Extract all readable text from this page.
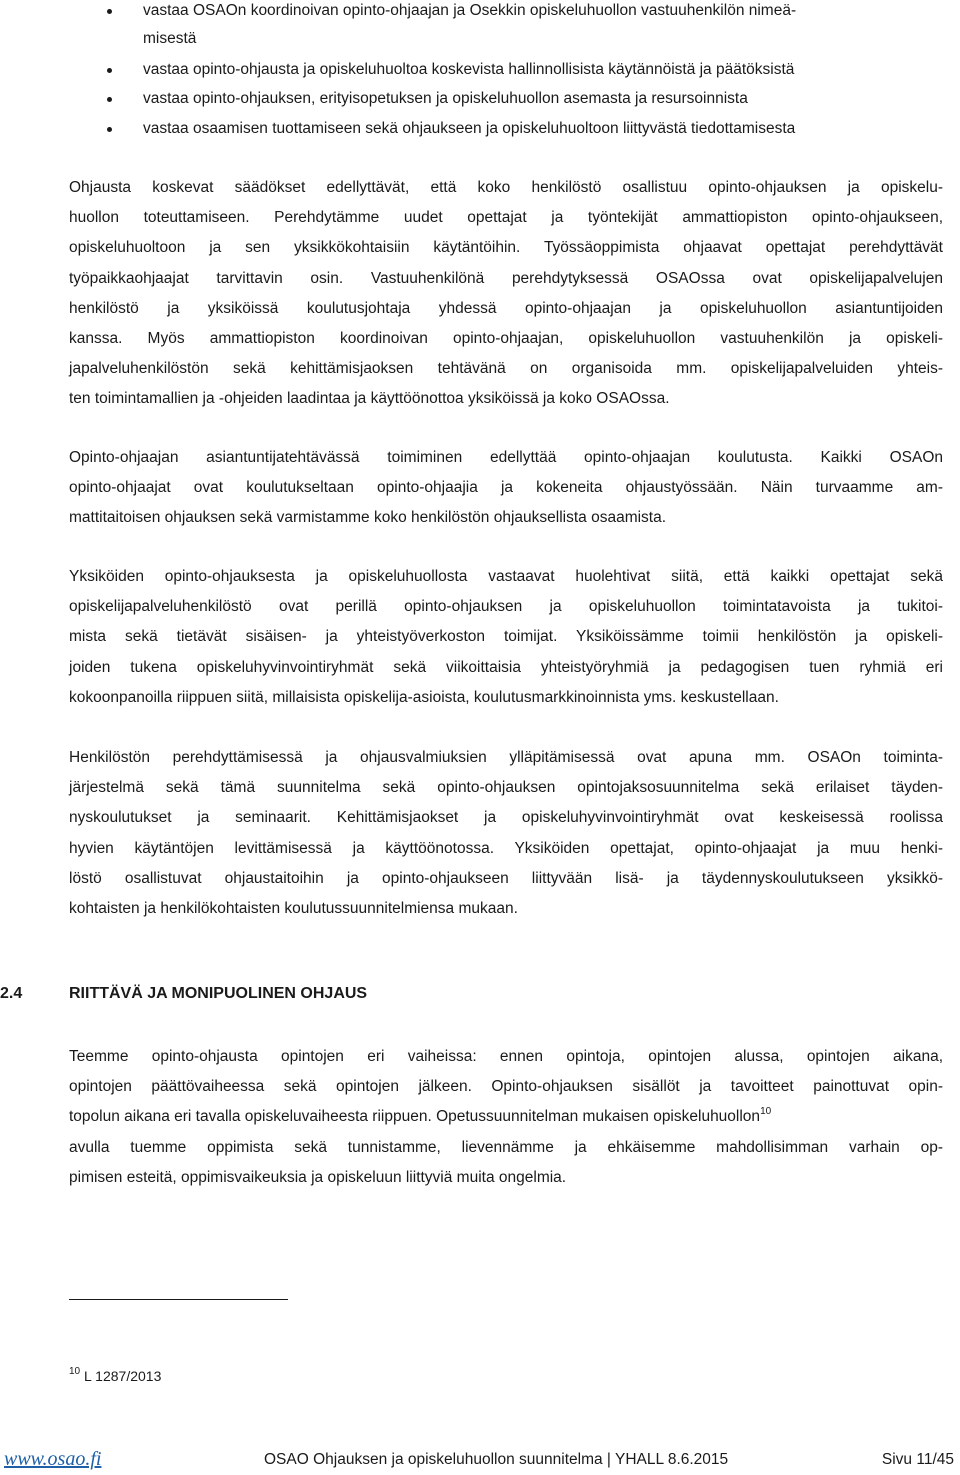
vastaa OSAOn koordinoivan opinto-ohjaajan ja Osekkin opiskeluhuollon vastuuhenkilön nimeä-
misestä
vastaa opinto-ohjausta ja opiskeluhuoltoa koskevista hallinnollisista käytännöistä ja päätöksistä
vastaa opinto-ohjauksen, erityisopetuksen ja opiskeluhuollon asemasta ja resursoinnista
vastaa osaamisen tuottamiseen sekä ohjaukseen ja opiskeluhuoltoon liittyvästä tiedottamisesta
Ohjausta koskevat säädökset edellyttävät, että koko henkilöstö osallistuu opinto-ohjauksen ja opiskelu-
huollon toteuttamiseen. Perehdytämme uudet opettajat ja työntekijät ammattiopiston opinto-ohjaukseen,
opiskeluhuoltoon ja sen yksikkökohtaisiin käytäntöihin. Työssäoppimista ohjaavat opettajat perehdyttävät
työpaikkaohjaajat tarvittavin osin. Vastuuhenkilönä perehdytyksessä OSAOssa ovat opiskelijapalvelujen
henkilöstö ja yksiköissä koulutusjohtaja yhdessä opinto-ohjaajan ja opiskeluhuollon asiantuntijoiden
kanssa. Myös ammattiopiston koordinoivan opinto-ohjaajan, opiskeluhuollon vastuuhenkilön ja opiskeli-
japalveluhenkilöstön sekä kehittämisjaoksen tehtävänä on organisoida mm. opiskelijapalveluiden yhteis-
ten toimintamallien ja -ohjeiden laadintaa ja käyttöönottoa yksiköissä ja koko OSAOssa.
Opinto-ohjaajan asiantuntijatehtävässä toimiminen edellyttää opinto-ohjaajan koulutusta. Kaikki OSAOn
opinto-ohjaajat ovat koulutukseltaan opinto-ohjaajia ja kokeneita ohjaustyössään. Näin turvaamme am-
mattitaitoisen ohjauksen sekä varmistamme koko henkilöstön ohjauksellista osaamista.
Yksiköiden opinto-ohjauksesta ja opiskeluhuollosta vastaavat huolehtivat siitä, että kaikki opettajat sekä
opiskelijapalveluhenkilöstö ovat perillä opinto-ohjauksen ja opiskeluhuollon toimintatavoista ja tukitoi-
mista sekä tietävät sisäisen- ja yhteistyöverkoston toimijat. Yksiköissämme toimii henkilöstön ja opiskeli-
joiden tukena opiskeluhyvinvointiryhmät sekä viikoittaisia yhteistyöryhmiä ja pedagogisen tuen ryhmiä eri
kokoonpanoilla riippuen siitä, millaisista opiskelija-asioista, koulutusmarkkinoinnista yms. keskustellaan.
Henkilöstön perehdyttämisessä ja ohjausvalmiuksien ylläpitämisessä ovat apuna mm. OSAOn toiminta-
järjestelmä sekä tämä suunnitelma sekä opinto-ohjauksen opintojaksosuunnitelma sekä erilaiset täyden-
nyskoulutukset ja seminaarit. Kehittämisjaokset ja opiskeluhyvinvointiryhmät ovat keskeisessä roolissa
hyvien käytäntöjen levittämisessä ja käyttöönotossa. Yksiköiden opettajat, opinto-ohjaajat ja muu henki-
löstö osallistuvat ohjaustaitoihin ja opinto-ohjaukseen liittyvään lisä- ja täydennyskoulutukseen yksikkö-
kohtaisten ja henkilökohtaisten koulutussuunnitelmiensa mukaan.
2.4	RIITTÄVÄ JA MONIPUOLINEN OHJAUS
Teemme opinto-ohjausta opintojen eri vaiheissa: ennen opintoja, opintojen alussa, opintojen aikana,
opintojen päättövaiheessa sekä opintojen jälkeen. Opinto-ohjauksen sisällöt ja tavoitteet painottuvat opin-
topolun aikana eri tavalla opiskeluvaiheesta riippuen. Opetussuunnitelman mukaisen opiskeluhuollon$^{10}$
avulla tuemme oppimista sekä tunnistamme, lievennämme ja ehkäisemme mahdollisimman varhain op-
pimisen esteitä, oppimisvaikeuksia ja opiskeluun liittyviä muita ongelmia.
$^{10}$ L 1287/2013
www.osao.fi	OSAO Ohjauksen ja opiskeluhuollon suunnitelma | YHALL 8.6.2015	Sivu 11/45
